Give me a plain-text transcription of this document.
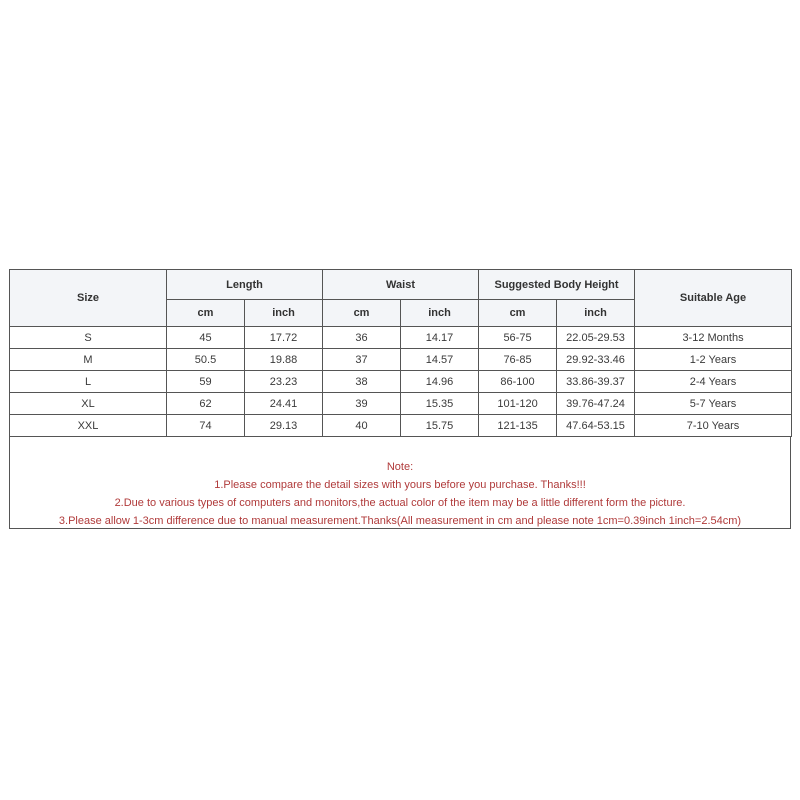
Size	Length		Waist		Suggested Body Height		Suitable Age
	cm	inch	cm	inch	cm	inch	
S	45	17.72	36	14.17	56-75	22.05-29.53	3-12 Months
M	50.5	19.88	37	14.57	76-85	29.92-33.46	1-2 Years
L	59	23.23	38	14.96	86-100	33.86-39.37	2-4 Years
XL	62	24.41	39	15.35	101-120	39.76-47.24	5-7 Years
XXL	74	29.13	40	15.75	121-135	47.64-53.15	7-10 Years
Note:
1.Please compare the detail sizes with yours before you purchase. Thanks!!!
2.Due to various types of computers and monitors,the actual color of the item may be a little different form the picture.
3.Please allow 1-3cm difference due to manual measurement.Thanks(All measurement in cm and please note 1cm=0.39inch 1inch=2.54cm)
